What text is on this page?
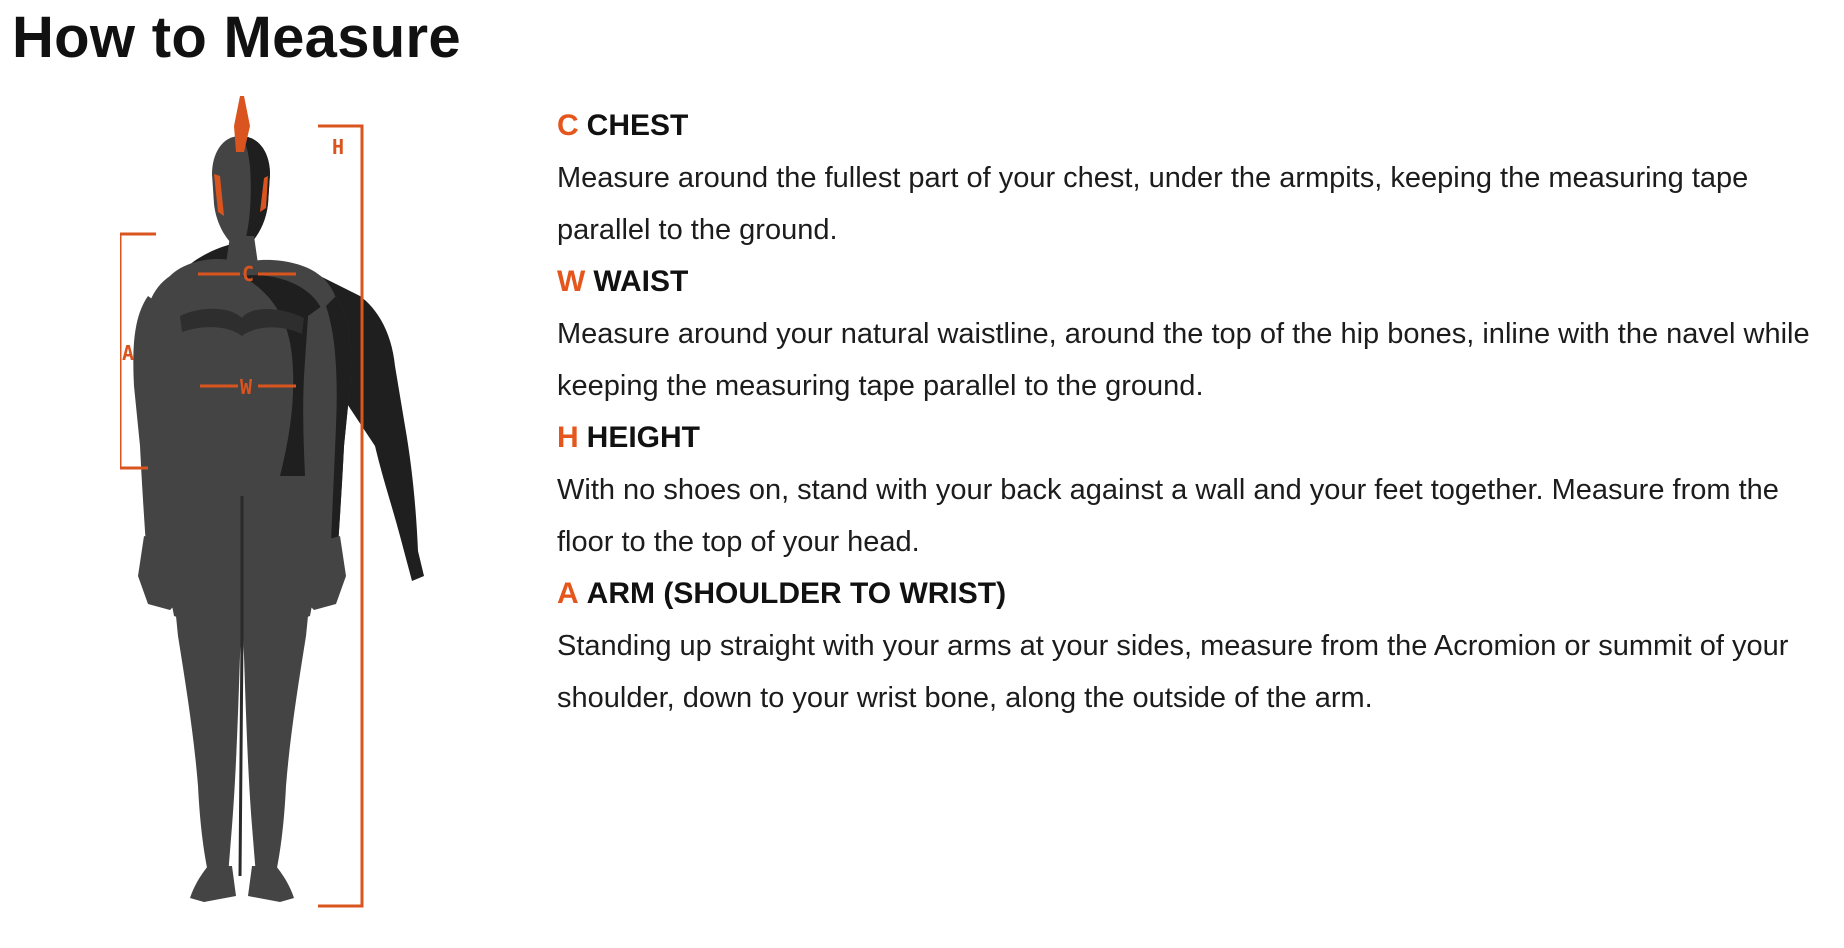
How to Measure
H
A
C
W

C CHEST

Measure around the fullest part of your chest, under the armpits, keeping the measuring tape parallel to the ground.

W WAIST

Measure around your natural waistline, around the top of the hip bones, inline with the navel while keeping the measuring tape parallel to the ground.

H HEIGHT

With no shoes on, stand with your back against a wall and your feet together. Measure from the floor to the top of your head.

A ARM (SHOULDER TO WRIST)

Standing up straight with your arms at your sides, measure from the Acromion or summit of your shoulder, down to your wrist bone, along the outside of the arm.
